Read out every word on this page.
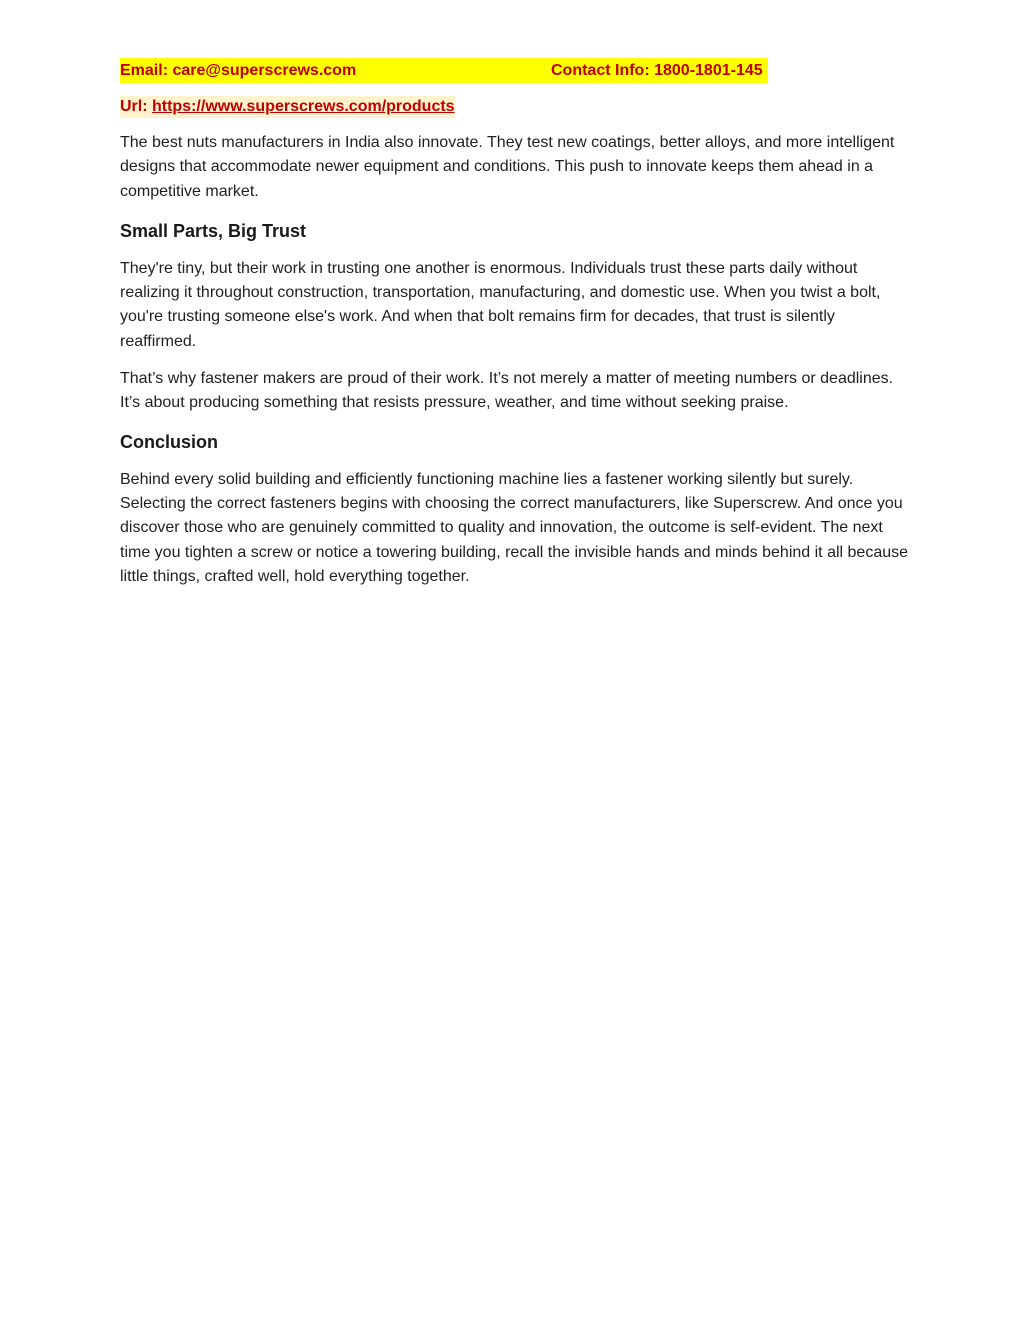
Email: care@superscrews.com	Contact Info: 1800-1801-145
Url: https://www.superscrews.com/products

The best nuts manufacturers in India also innovate. They test new coatings, better alloys, and more intelligent designs that accommodate newer equipment and conditions. This push to innovate keeps them ahead in a competitive market.

Small Parts, Big Trust

They're tiny, but their work in trusting one another is enormous. Individuals trust these parts daily without realizing it throughout construction, transportation, manufacturing, and domestic use. When you twist a bolt, you're trusting someone else's work. And when that bolt remains firm for decades, that trust is silently reaffirmed.

That’s why fastener makers are proud of their work. It’s not merely a matter of meeting numbers or deadlines. It’s about producing something that resists pressure, weather, and time without seeking praise.

Conclusion

Behind every solid building and efficiently functioning machine lies a fastener working silently but surely. Selecting the correct fasteners begins with choosing the correct manufacturers, like Superscrew. And once you discover those who are genuinely committed to quality and innovation, the outcome is self-evident. The next time you tighten a screw or notice a towering building, recall the invisible hands and minds behind it all because little things, crafted well, hold everything together.
